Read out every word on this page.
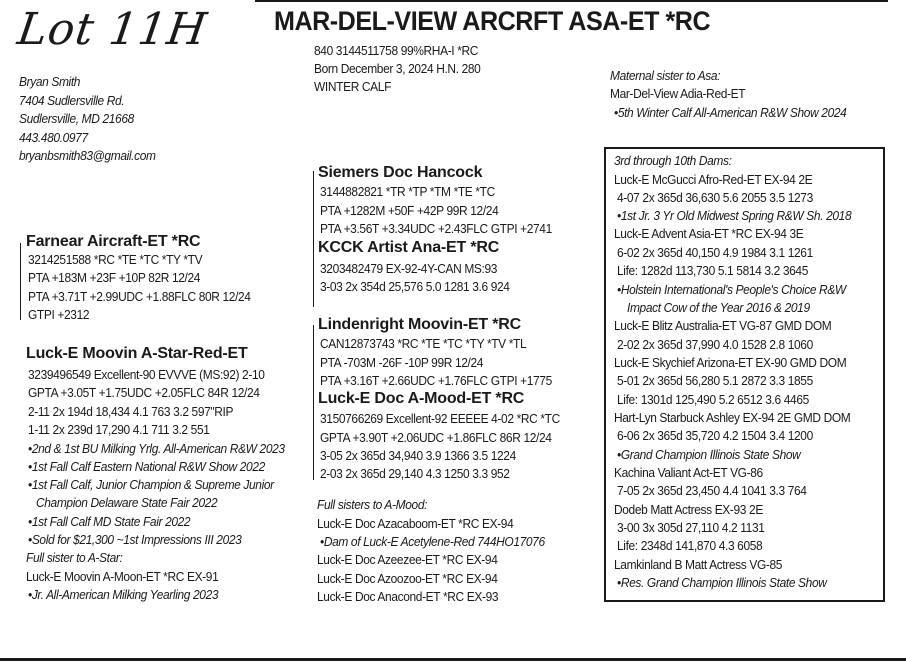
Lot 11H MAR-DEL-VIEW ARCRFT ASA-ET *RC
840 3144511758 99%RHA-I *RC
Born December 3, 2024 H.N. 280
WINTER CALF
Bryan Smith
7404 Sudlersville Rd.
Sudlersville, MD 21668
443.480.0977
bryanbsmith83@gmail.com
Maternal sister to Asa:
Mar-Del-View Adia-Red-ET
•5th Winter Calf All-American R&W Show 2024
Farnear Aircraft-ET *RC
3214251588 *RC *TE *TC *TY *TV
PTA +183M +23F +10P 82R 12/24
PTA +3.71T +2.99UDC +1.88FLC 80R 12/24
GTPI +2312
Luck-E Moovin A-Star-Red-ET
3239496549 Excellent-90 EVVVE (MS:92) 2-10
GPTA +3.05T +1.75UDC +2.05FLC 84R 12/24
2-11 2x 194d 18,434 4.1 763 3.2 597"RIP
1-11 2x 239d 17,290 4.1 711 3.2 551
•2nd & 1st BU Milking Yrlg. All-American R&W 2023
•1st Fall Calf Eastern National R&W Show 2022
•1st Fall Calf, Junior Champion & Supreme Junior
Champion Delaware State Fair 2022
•1st Fall Calf MD State Fair 2022
•Sold for $21,300 ~1st Impressions III 2023
Full sister to A-Star:
Luck-E Moovin A-Moon-ET *RC EX-91
•Jr. All-American Milking Yearling 2023
Siemers Doc Hancock
3144882821 *TR *TP *TM *TE *TC
PTA +1282M +50F +42P 99R 12/24
PTA +3.56T +3.34UDC +2.43FLC GTPI +2741
KCCK Artist Ana-ET *RC
3203482479 EX-92-4Y-CAN MS:93
3-03 2x 354d 25,576 5.0 1281 3.6 924
Lindenright Moovin-ET *RC
CAN12873743 *RC *TE *TC *TY *TV *TL
PTA -703M -26F -10P 99R 12/24
PTA +3.16T +2.66UDC +1.76FLC GTPI +1775
Luck-E Doc A-Mood-ET *RC
3150766269 Excellent-92 EEEEE 4-02 *RC *TC
GPTA +3.90T +2.06UDC +1.86FLC 86R 12/24
3-05 2x 365d 34,940 3.9 1366 3.5 1224
2-03 2x 365d 29,140 4.3 1250 3.3 952
Full sisters to A-Mood:
Luck-E Doc Azacaboom-ET *RC EX-94
•Dam of Luck-E Acetylene-Red 744HO17076
Luck-E Doc Azeezee-ET *RC EX-94
Luck-E Doc Azoozoo-ET *RC EX-94
Luck-E Doc Anacond-ET *RC EX-93
3rd through 10th Dams:
Luck-E McGucci Afro-Red-ET EX-94 2E
4-07 2x 365d 36,630 5.6 2055 3.5 1273
•1st Jr. 3 Yr Old Midwest Spring R&W Sh. 2018
Luck-E Advent Asia-ET *RC EX-94 3E
6-02 2x 365d 40,150 4.9 1984 3.1 1261
Life: 1282d 113,730 5.1 5814 3.2 3645
•Holstein International's People's Choice R&W
Impact Cow of the Year 2016 & 2019
Luck-E Blitz Australia-ET VG-87 GMD DOM
2-02 2x 365d 37,990 4.0 1528 2.8 1060
Luck-E Skychief Arizona-ET EX-90 GMD DOM
5-01 2x 365d 56,280 5.1 2872 3.3 1855
Life: 1301d 125,490 5.2 6512 3.6 4465
Hart-Lyn Starbuck Ashley EX-94 2E GMD DOM
6-06 2x 365d 35,720 4.2 1504 3.4 1200
•Grand Champion Illinois State Show
Kachina Valiant Act-ET VG-86
7-05 2x 365d 23,450 4.4 1041 3.3 764
Dodeb Matt Actress EX-93 2E
3-00 3x 305d 27,110 4.2 1131
Life: 2348d 141,870 4.3 6058
Lamkinland B Matt Actress VG-85
•Res. Grand Champion Illinois State Show
